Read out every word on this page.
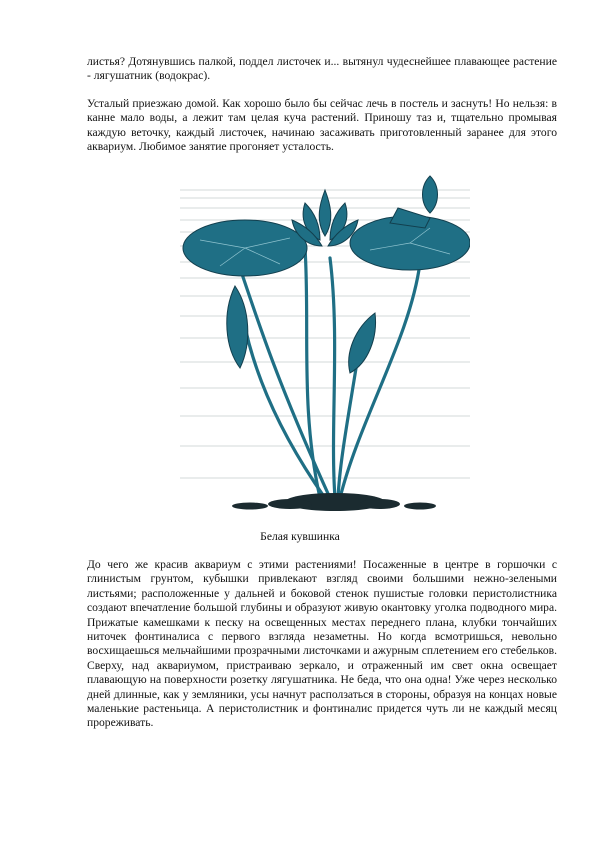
листья? Дотянувшись палкой, поддел листочек и... вытянул чудеснейшее плавающее растение - лягушатник (водокрас).

Усталый приезжаю домой. Как хорошо было бы сейчас лечь в постель и заснуть! Но нельзя: в канне мало воды, а лежит там целая куча растений. Приношу таз и, тщательно промывая каждую веточку, каждый листочек, начинаю засаживать приготовленный заранее для этого аквариум. Любимое занятие прогоняет усталость.

Белая кувшинка

До чего же красив аквариум с этими растениями! Посаженные в центре в горшочки с глинистым грунтом, кубышки привлекают взгляд своими большими нежно-зелеными листьями; расположенные у дальней и боковой стенок пушистые головки перистолистника создают впечатление большой глубины и образуют живую окантовку уголка подводного мира. Прижатые камешками к песку на освещенных местах переднего плана, клубки тончайших ниточек фонтиналиса с первого взгляда незаметны. Но когда всмотришься, невольно восхищаешься мельчайшими прозрачными листочками и ажурным сплетением его стебельков. Сверху, над аквариумом, пристраиваю зеркало, и отраженный им свет окна освещает плавающую на поверхности розетку лягушатника. Не беда, что она одна! Уже через несколько дней длинные, как у земляники, усы начнут расползаться в стороны, образуя на концах новые маленькие растеньица. А перистолистник и фонтиналис придется чуть ли не каждый месяц прореживать.
